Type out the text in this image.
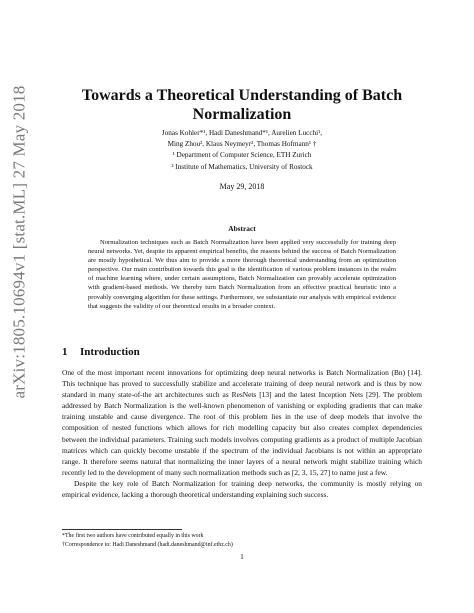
arXiv:1805.10694v1 [stat.ML] 27 May 2018	Towards a Theoretical Understanding of Batch
Normalization
Jonas Kohler*¹, Hadi Daneshmand*¹, Aurelien Lucchi¹,
Ming Zhou², Klaus Neymeyr², Thomas Hofmann¹ †
¹ Department of Computer Science, ETH Zurich
² Institute of Mathematics, University of Rostock
May 29, 2018
Abstract
Normalization techniques such as Batch Normalization have been applied very successfully for training deep neural networks. Yet, despite its apparent empirical benefits, the reasons behind the success of Batch Normalization are mostly hypothetical. We thus aim to provide a more thorough theoretical understanding from an optimization perspective. Our main contribution towards this goal is the identification of various problem instances in the realm of machine learning where, under certain assumptions, Batch Normalization can provably accelerate optimization with gradient-based methods. We thereby turn Batch Normalization from an effective practical heuristic into a provably converging algorithm for these settings. Furthermore, we substantiate our analysis with empirical evidence that suggests the validity of our theoretical results in a broader context.
1 Introduction

One of the most important recent innovations for optimizing deep neural networks is Batch Normalization (Bn) [14]. This technique has proved to successfully stabilize and accelerate training of deep neural network and is thus by now standard in many state-of-the art architectures such as ResNets [13] and the latest Inception Nets [29]. The problem addressed by Batch Normalization is the well-known phenomenon of vanishing or exploding gradients that can make training unstable and cause divergence. The root of this problem lies in the use of deep models that involve the composition of nested functions which allows for rich modelling capacity but also creates complex dependencies between the individual parameters. Training such models involves computing gradients as a product of multiple Jacobian matrices which can quickly become unstable if the spectrum of the individual Jacobians is not within an appropriate range. It therefore seems natural that normalizing the inner layers of a neural network might stabilize training which recently led to the development of many such normalization methods such as [2, 3, 15, 27] to name just a few.

Despite the key role of Batch Normalization for training deep networks, the community is mostly relying on empirical evidence, lacking a thorough theoretical understanding explaining such success.

*The first two authors have contributed equally in this work
†Correspondence to: Hadi Daneshmand (hadi.daneshmand@inf.ethz.ch)
1
